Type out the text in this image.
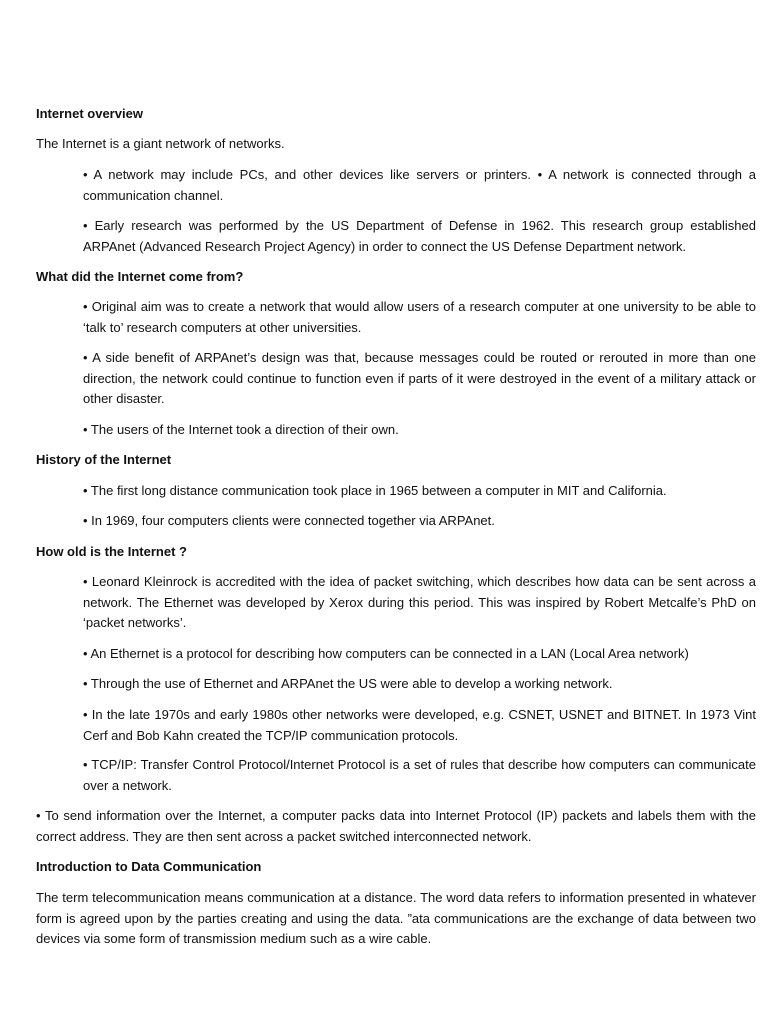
Internet overview
The Internet is a giant network of networks.
• A network may include PCs, and other devices like servers or printers. • A network is connected through a communication channel.
• Early research was performed by the US Department of Defense in 1962. This research group established ARPAnet (Advanced Research Project Agency) in order to connect the US Defense Department network.
What did the Internet come from?
• Original aim was to create a network that would allow users of a research computer at one university to be able to ‘talk to’ research computers at other universities.
• A side benefit of ARPAnet’s design was that, because messages could be routed or rerouted in more than one direction, the network could continue to function even if parts of it were destroyed in the event of a military attack or other disaster.
• The users of the Internet took a direction of their own.
History of the Internet
• The first long distance communication took place in 1965 between a computer in MIT and California.
• In 1969, four computers clients were connected together via ARPAnet.
How old is the Internet ?
• Leonard Kleinrock is accredited with the idea of packet switching, which describes how data can be sent across a network. The Ethernet was developed by Xerox during this period. This was inspired by Robert Metcalfe’s PhD on ‘packet networks’.
• An Ethernet is a protocol for describing how computers can be connected in a LAN (Local Area network)
• Through the use of Ethernet and ARPAnet the US were able to develop a working network.
• In the late 1970s and early 1980s other networks were developed, e.g. CSNET, USNET and BITNET. In 1973 Vint Cerf and Bob Kahn created the TCP/IP communication protocols.
• TCP/IP: Transfer Control Protocol/Internet Protocol is a set of rules that describe how computers can communicate over a network.
• To send information over the Internet, a computer packs data into Internet Protocol (IP) packets and labels them with the correct address. They are then sent across a packet switched interconnected network.
Introduction to Data Communication
The term telecommunication means communication at a distance. The word data refers to information presented in whatever form is agreed upon by the parties creating and using the data. ”ata communications are the exchange of data between two devices via some form of transmission medium such as a wire cable.
